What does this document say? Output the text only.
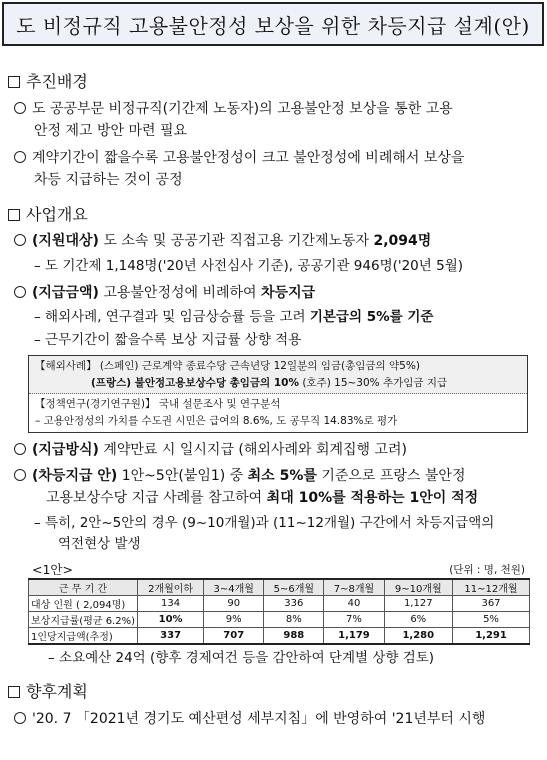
도 비정규직 고용불안정성 보상을 위한 차등지급 설계(안)
추진배경
도 공공부문 비정규직(기간제 노동자)의 고용불안정 보상을 통한 고용
안정 제고 방안 마련 필요
계약기간이 짧을수록 고용불안정성이 크고 불안정성에 비례해서 보상을
차등 지급하는 것이 공정
사업개요
(지원대상) 도 소속 및 공공기관 직접고용 기간제노동자 2,094명
– 도 기간제 1,148명('20년 사전심사 기준), 공공기관 946명('20년 5월)
(지급금액) 고용불안정성에 비례하여 차등지급
– 해외사례, 연구결과 및 임금상승률 등을 고려 기본급의 5%를 기준
– 근무기간이 짧을수록 보상 지급률 상향 적용
【해외사례】 (스페인) 근로계약 종료수당 근속년당 12일분의 임금(총임금의 약5%)
(프랑스) 불안정고용보상수당 총임금의 10% (호주) 15~30% 추가임금 지급
【정책연구(경기연구원)】 국내 설문조사 및 연구분석
– 고용안정성의 가치를 수도권 시민은 급여의 8.6%, 도 공무직 14.83%로 평가
(지급방식) 계약만료 시 일시지급 (해외사례와 회계집행 고려)
(차등지급 안) 1안~5안(붙임1) 중 최소 5%를 기준으로 프랑스 불안정
고용보상수당 지급 사례를 참고하여 최대 10%를 적용하는 1안이 적정
– 특히, 2안~5안의 경우 (9~10개월)과 (11~12개월) 구간에서 차등지급액의
역전현상 발생
<1안>	(단위 : 명, 천원)
근 무 기 간	2개월이하	3~4개월	5~6개월	7~8개월	9~10개월	11~12개월
대상 인원 ( 2,094명)	134	90	336	40	1,127	367
보상지급률(평균 6.2%)	10%	9%	8%	7%	6%	5%
1인당지급액(추정)	337	707	988	1,179	1,280	1,291
– 소요예산 24억 (향후 경제여건 등을 감안하여 단계별 상향 검토)
향후계획
'20. 7 「2021년 경기도 예산편성 세부지침」에 반영하여 '21년부터 시행
